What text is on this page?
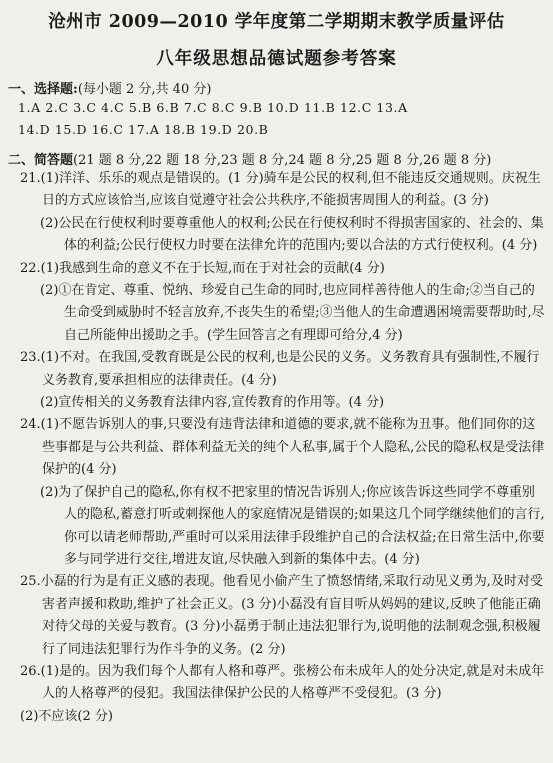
沧州市 2009—2010 学年度第二学期期末教学质量评估
八年级思想品德试题参考答案
一、选择题:(每小题 2 分,共 40 分)
1.A 2.C 3.C 4.C 5.B 6.B 7.C 8.C 9.B 10.D 11.B 12.C 13.A
14.D 15.D 16.C 17.A 18.B 19.D 20.B
二、简答题(21 题 8 分,22 题 18 分,23 题 8 分,24 题 8 分,25 题 8 分,26 题 8 分)

21.(1)洋洋、乐乐的观点是错误的。(1 分)骑车是公民的权利,但不能违反交通规则。庆祝生日的方式应该恰当,应该自觉遵守社会公共秩序,不能损害周围人的利益。(3 分)

(2)公民在行使权利时要尊重他人的权利;公民在行使权利时不得损害国家的、社会的、集体的利益;公民行使权力时要在法律允许的范围内;要以合法的方式行使权利。(4 分)

22.(1)我感到生命的意义不在于长短,而在于对社会的贡献(4 分)

(2)①在肯定、尊重、悦纳、珍爱自己生命的同时,也应同样善待他人的生命;②当自己的生命受到威胁时不轻言放弃,不丧失生的希望;③当他人的生命遭遇困境需要帮助时,尽自己所能伸出援助之手。(学生回答言之有理即可给分,4 分)

23.(1)不对。在我国,受教育既是公民的权利,也是公民的义务。义务教育具有强制性,不履行义务教育,要承担相应的法律责任。(4 分)

(2)宣传相关的义务教育法律内容,宣传教育的作用等。(4 分)

24.(1)不愿告诉别人的事,只要没有违背法律和道德的要求,就不能称为丑事。他们同你的这些事都是与公共利益、群体利益无关的纯个人私事,属于个人隐私,公民的隐私权是受法律保护的(4 分)

(2)为了保护自己的隐私,你有权不把家里的情况告诉别人;你应该告诉这些同学不尊重别人的隐私,蓄意打听或刺探他人的家庭情况是错误的;如果这几个同学继续他们的言行,你可以请老师帮助,严重时可以采用法律手段维护自己的合法权益;在日常生活中,你要多与同学进行交往,增进友谊,尽快融入到新的集体中去。(4 分)

25.小磊的行为是有正义感的表现。他看见小偷产生了愤怒情绪,采取行动见义勇为,及时对受害者声援和救助,维护了社会正义。(3 分)小磊没有盲目听从妈妈的建议,反映了他能正确对待父母的关爱与教育。(3 分)小磊勇于制止违法犯罪行为,说明他的法制观念强,积极履行了同违法犯罪行为作斗争的义务。(2 分)

26.(1)是的。因为我们每个人都有人格和尊严。张榜公布未成年人的处分决定,就是对未成年人的人格尊严的侵犯。我国法律保护公民的人格尊严不受侵犯。(3 分)

(2)不应该(2 分)
